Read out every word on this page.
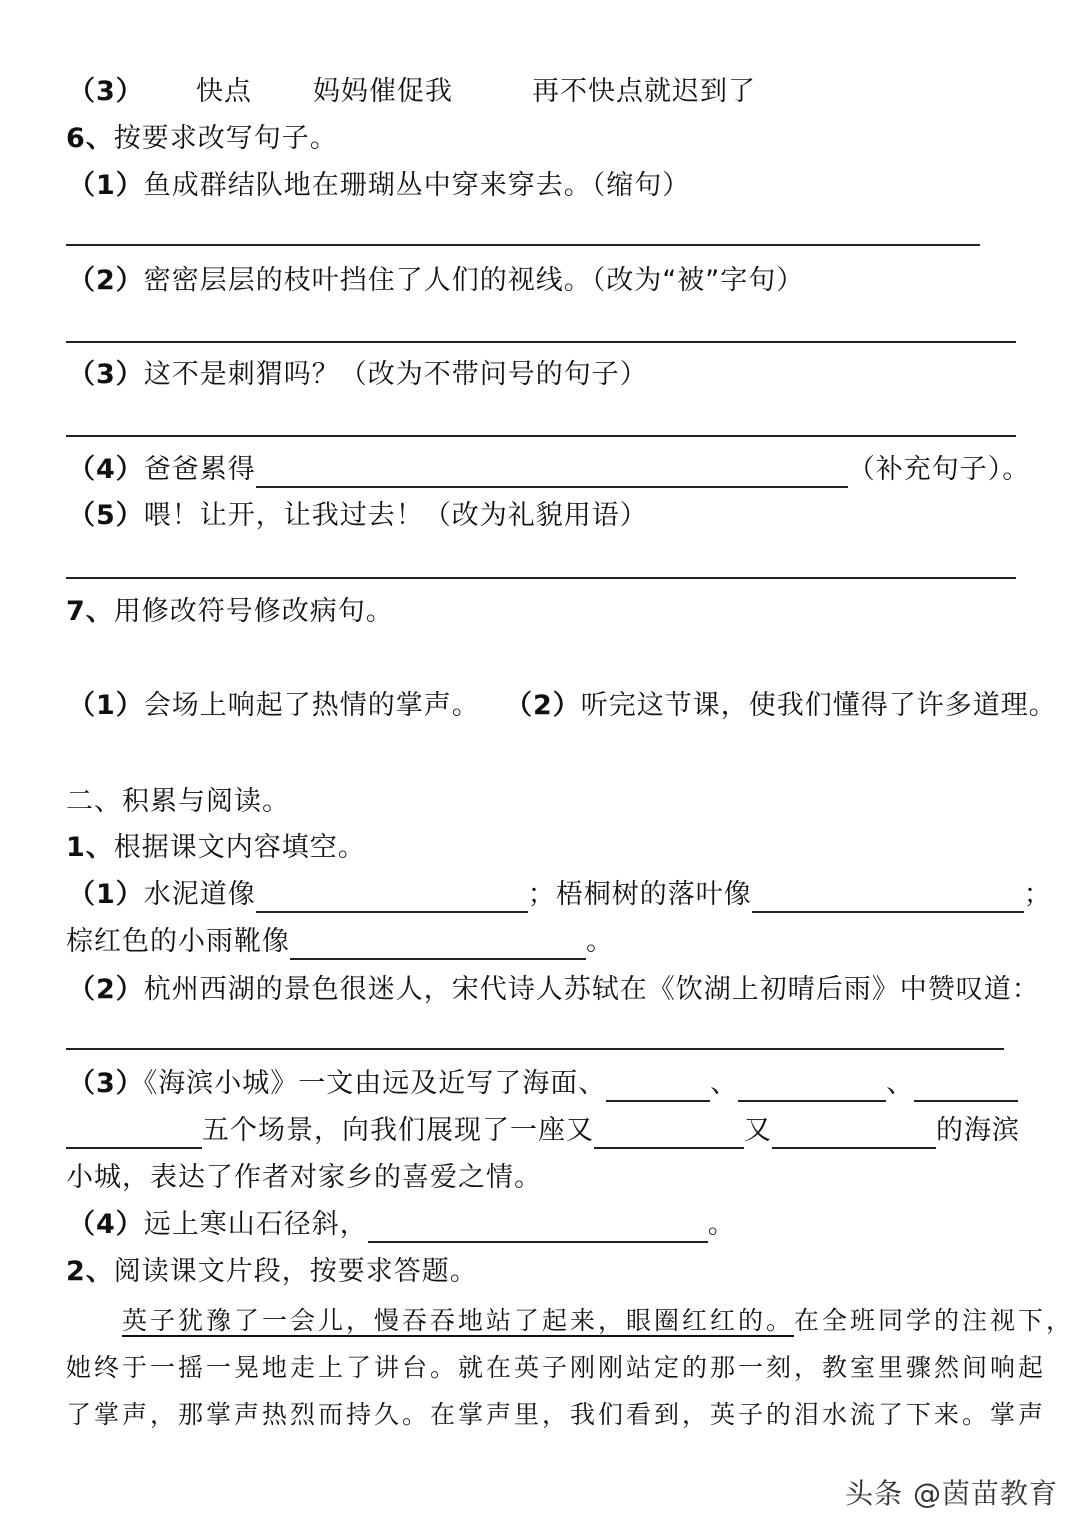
（3） 快点 妈妈催促我	再不快点就迟到了
6、按要求改写句子。
（1）鱼成群结队地在珊瑚丛中穿来穿去。（缩句）
（2）密密层层的枝叶挡住了人们的视线。（改为“被”字句）
（3）这不是刺猬吗？（改为不带问号的句子）
（4）爸爸累得	（补充句子）。
（5）喂！让开，让我过去！（改为礼貌用语）
7、用修改符号修改病句。
（1）会场上响起了热情的掌声。 （2）听完这节课，使我们懂得了许多道理。
二、积累与阅读。
1、根据课文内容填空。
（1）水泥道像	；梧桐树的落叶像	；
棕红色的小雨靴像	。
（2）杭州西湖的景色很迷人，宋代诗人苏轼在《饮湖上初晴后雨》中赞叹道：
（3）《海滨小城》一文由远及近写了海面、	、	、
五个场景，向我们展现了一座又	又	的海滨
小城，表达了作者对家乡的喜爱之情。
（4）远上寒山石径斜，	。
2、阅读课文片段，按要求答题。
英子犹豫了一会儿，慢吞吞地站了起来，眼圈红红的。在全班同学的注视下，
她终于一摇一晃地走上了讲台。就在英子刚刚站定的那一刻，教室里骤然间响起
了掌声，那掌声热烈而持久。在掌声里，我们看到，英子的泪水流了下来。掌声
头条 @茵苗教育
